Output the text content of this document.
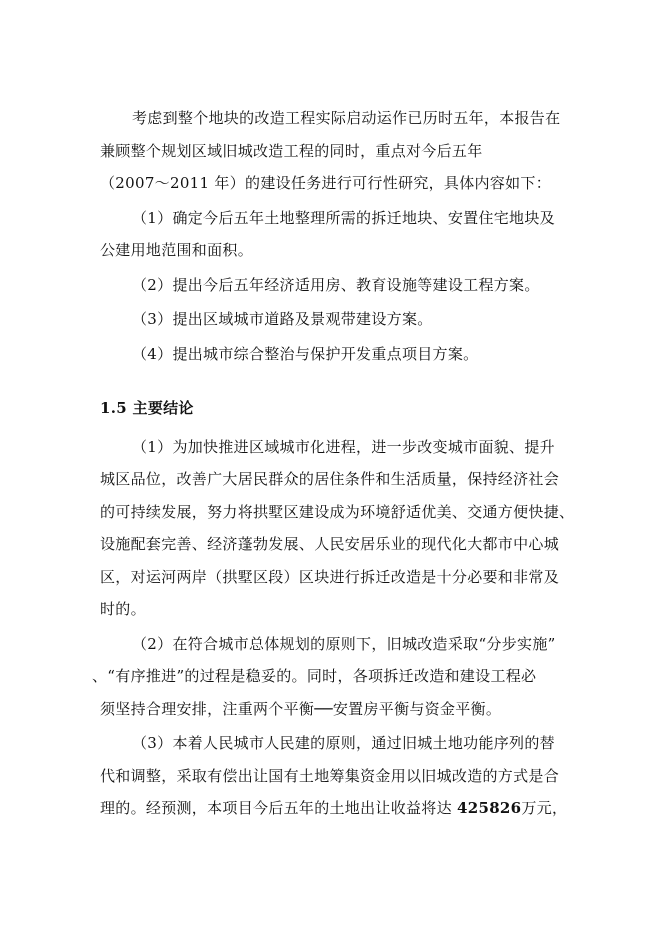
考虑到整个地块的改造工程实际启动运作已历时五年，本报告在
兼顾整个规划区域旧城改造工程的同时，重点对今后五年
（2007～2011 年）的建设任务进行可行性研究，具体内容如下：

（1）确定今后五年土地整理所需的拆迁地块、安置住宅地块及
公建用地范围和面积。

（2）提出今后五年经济适用房、教育设施等建设工程方案。

（3）提出区域城市道路及景观带建设方案。

（4）提出城市综合整治与保护开发重点项目方案。

1.5 主要结论

（1）为加快推进区域城市化进程，进一步改变城市面貌、提升
城区品位，改善广大居民群众的居住条件和生活质量，保持经济社会
的可持续发展，努力将拱墅区建设成为环境舒适优美、交通方便快捷、
设施配套完善、经济蓬勃发展、人民安居乐业的现代化大都市中心城
区，对运河两岸（拱墅区段）区块进行拆迁改造是十分必要和非常及
时的。

（2）在符合城市总体规划的原则下，旧城改造采取“分步实施”
、“有序推进”的过程是稳妥的。同时，各项拆迁改造和建设工程必
须坚持合理安排，注重两个平衡──安置房平衡与资金平衡。

（3）本着人民城市人民建的原则，通过旧城土地功能序列的替
代和调整，采取有偿出让国有土地筹集资金用以旧城改造的方式是合
理的。经预测，本项目今后五年的土地出让收益将达 425826万元，
